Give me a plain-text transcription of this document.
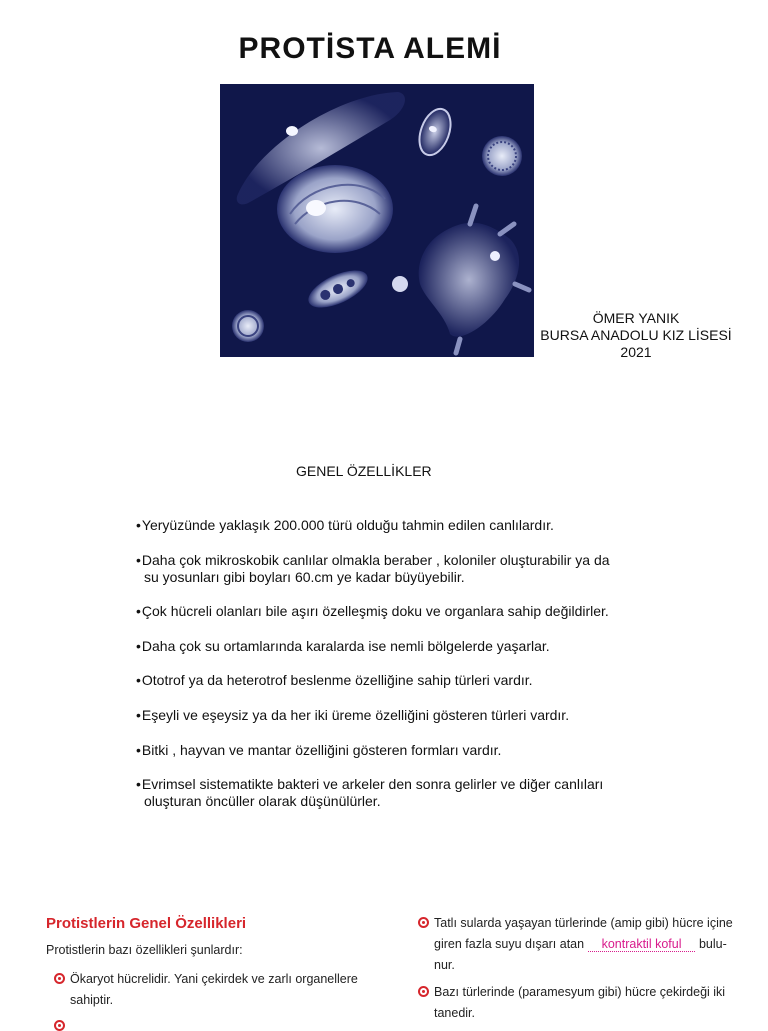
PROTİSTA ALEMİ
ÖMER YANIK
BURSA ANADOLU KIZ LİSESİ
2021
GENEL ÖZELLİKLER
•Yeryüzünde yaklaşık 200.000 türü olduğu tahmin edilen canlılardır.
•Daha çok mikroskobik canlılar olmakla beraber , koloniler oluşturabilir ya da
su yosunları gibi boyları 60.cm ye kadar büyüyebilir.
•Çok hücreli olanları bile aşırı özelleşmiş doku ve organlara sahip değildirler.
•Daha çok su ortamlarında karalarda ise nemli bölgelerde yaşarlar.
•Ototrof ya da heterotrof beslenme özelliğine sahip türleri vardır.
•Eşeyli ve eşeysiz ya da her iki üreme özelliğini gösteren türleri vardır.
•Bitki , hayvan ve mantar özelliğini gösteren formları vardır.
•Evrimsel sistematikte bakteri ve arkeler den sonra gelirler ve diğer canlıları
oluşturan öncüller olarak düşünülürler.
Protistlerin Genel Özellikleri
Protistlerin bazı özellikleri şunlardır:
Ökaryot hücrelidir. Yani çekirdek ve zarlı organellere
sahiptir.
Tatlı sularda yaşayan türlerinde (amip gibi) hücre içine
giren fazla suyu dışarı atan kontraktil koful bulu-
nur.
Bazı türlerinde (paramesyum gibi) hücre çekirdeği iki
tanedir.
